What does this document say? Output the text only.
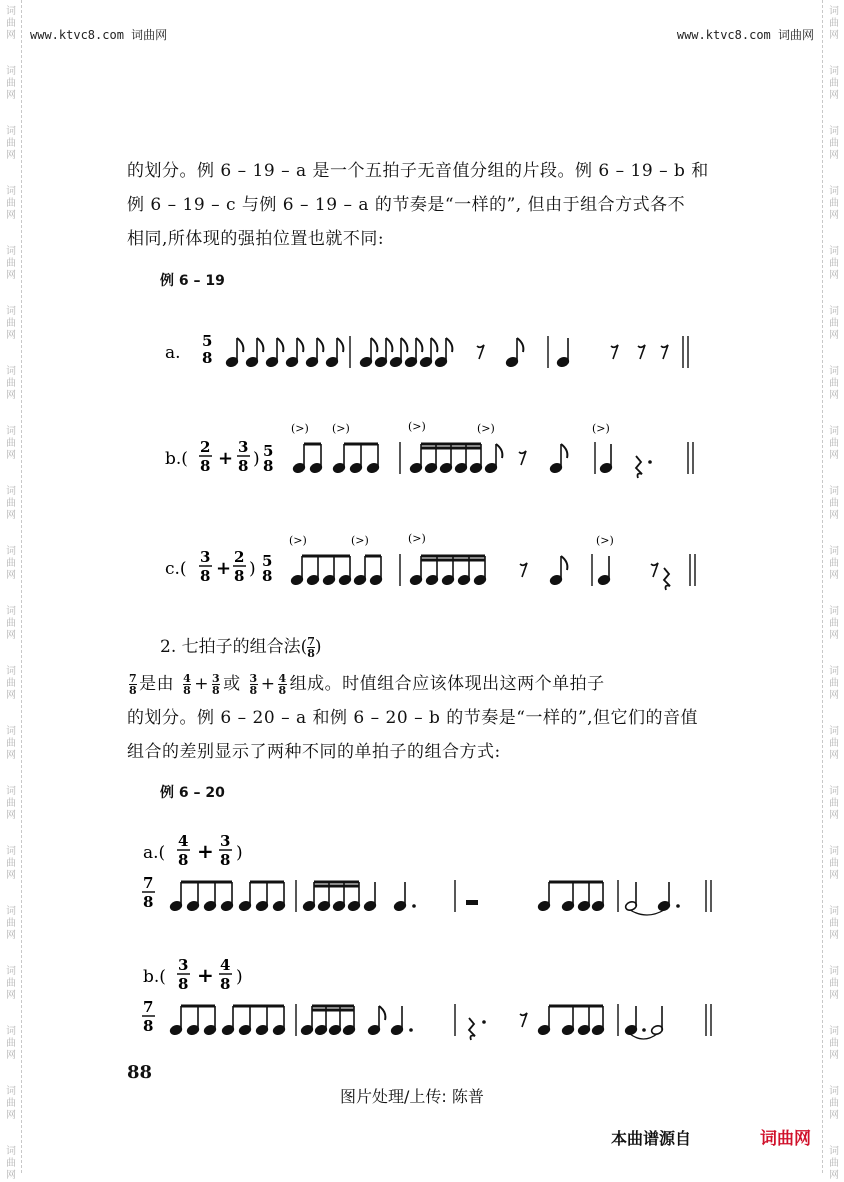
词
曲
网
词
曲
网
词
曲
网
词
曲
网
词
曲
网
词
曲
网
词
曲
网
词
曲
网
词
曲
网
词
曲
网
词
曲
网
词
曲
网
词
曲
网
词
曲
网
词
曲
网
词
曲
网
词
曲
网
词
曲
网
词
曲
网
词
曲
网
词
曲
网
词
曲
网
词
曲
网
词
曲
网
词
曲
网
词
曲
网
词
曲
网
词
曲
网
词
曲
网
词
曲
网
词
曲
网
词
曲
网
词
曲
网
词
曲
网
词
曲
网
词
曲
网
词
曲
网
词
曲
网
词
曲
网
词
曲
网
www.ktvc8.com 词曲网	www.ktvc8.com 词曲网
的划分。例 6 – 19 – a 是一个五拍子无音值分组的片段。例 6 – 19 – b 和
例 6 – 19 – c 与例 6 – 19 – a 的节奏是“一样的”, 但由于组合方式各不
相同,所体现的强拍位置也就不同:
例 6 – 19
a.
5
8
b.(
2
8 +
3
8 ) 5
8
(>) (>)	(>)	(>)	(>)
c.(
3
8 +
2
8 ) 5
8
(>)	(>)	(>)	(>)
2. 七拍子的组合法( $\frac{7}{8}$ )
$\frac{7}{8}$ 是由 $\frac{4}{8} + \frac{3}{8}$ 或 $\frac{3}{8} + \frac{4}{8}$ 组成。时值组合应该体现出这两个单拍子
的划分。例 6 – 20 – a 和例 6 – 20 – b 的节奏是“一样的”,但它们的音值
组合的差别显示了两种不同的单拍子的组合方式:
例 6 – 20
a.(
4
8 + 3
8 )
7
8
b.(
3
8 + 4
8 )
7
8
88
图片处理/上传: 陈普
本曲谱源自	词曲网
